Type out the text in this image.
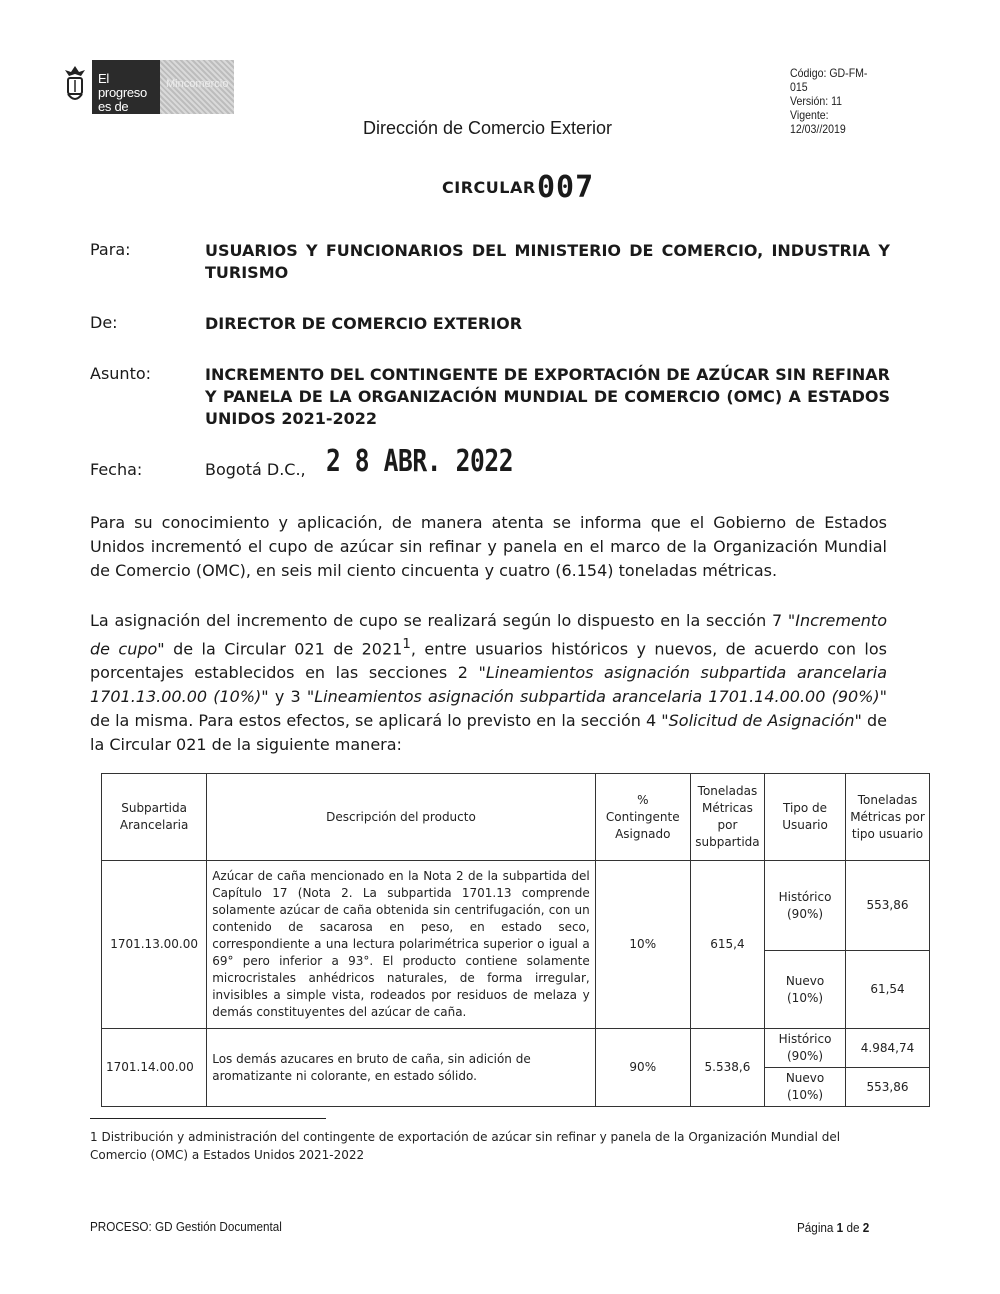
El progreso es de todos
Mincomercio
Código: GD-FM-015
Versión: 11
Vigente: 12/03//2019
Dirección de Comercio Exterior
CIRCULAR 007
Para:	USUARIOS Y FUNCIONARIOS DEL MINISTERIO DE COMERCIO, INDUSTRIA Y TURISMO
De:	DIRECTOR DE COMERCIO EXTERIOR
Asunto:	INCREMENTO DEL CONTINGENTE DE EXPORTACIÓN DE AZÚCAR SIN REFINAR Y PANELA DE LA ORGANIZACIÓN MUNDIAL DE COMERCIO (OMC) A ESTADOS UNIDOS 2021-2022
Fecha:	Bogotá D.C., 2 8 ABR. 2022
Para su conocimiento y aplicación, de manera atenta se informa que el Gobierno de Estados Unidos incrementó el cupo de azúcar sin refinar y panela en el marco de la Organización Mundial de Comercio (OMC), en seis mil ciento cincuenta y cuatro (6.154) toneladas métricas.
La asignación del incremento de cupo se realizará según lo dispuesto en la sección 7 "Incremento de cupo" de la Circular 021 de 2021$^1$, entre usuarios históricos y nuevos, de acuerdo con los porcentajes establecidos en las secciones 2 "Lineamientos asignación subpartida arancelaria 1701.13.00.00 (10%)" y 3 "Lineamientos asignación subpartida arancelaria 1701.14.00.00 (90%)" de la misma. Para estos efectos, se aplicará lo previsto en la sección 4 "Solicitud de Asignación" de la Circular 021 de la siguiente manera:
Subpartida Arancelaria	Descripción del producto	% Contingente Asignado	Toneladas Métricas por subpartida	Tipo de Usuario	Toneladas Métricas por tipo usuario
1701.13.00.00	Azúcar de caña mencionado en la Nota 2 de la subpartida del Capítulo 17 (Nota 2. La subpartida 1701.13 comprende solamente azúcar de caña obtenida sin centrifugación, con un contenido de sacarosa en peso, en estado seco, correspondiente a una lectura polarimétrica superior o igual a 69° pero inferior a 93°. El producto contiene solamente microcristales anhédricos naturales, de forma irregular, invisibles a simple vista, rodeados por residuos de melaza y demás constituyentes del azúcar de caña.	10%	615,4	Histórico (90%)	553,86
				Nuevo (10%)	61,54
1701.14.00.00	Los demás azucares en bruto de caña, sin adición de aromatizante ni colorante, en estado sólido.	90%	5.538,6	Histórico (90%)	4.984,74
				Nuevo (10%)	553,86
1 Distribución y administración del contingente de exportación de azúcar sin refinar y panela de la Organización Mundial del Comercio (OMC) a Estados Unidos 2021-2022
PROCESO: GD Gestión Documental	Página 1 de 2
